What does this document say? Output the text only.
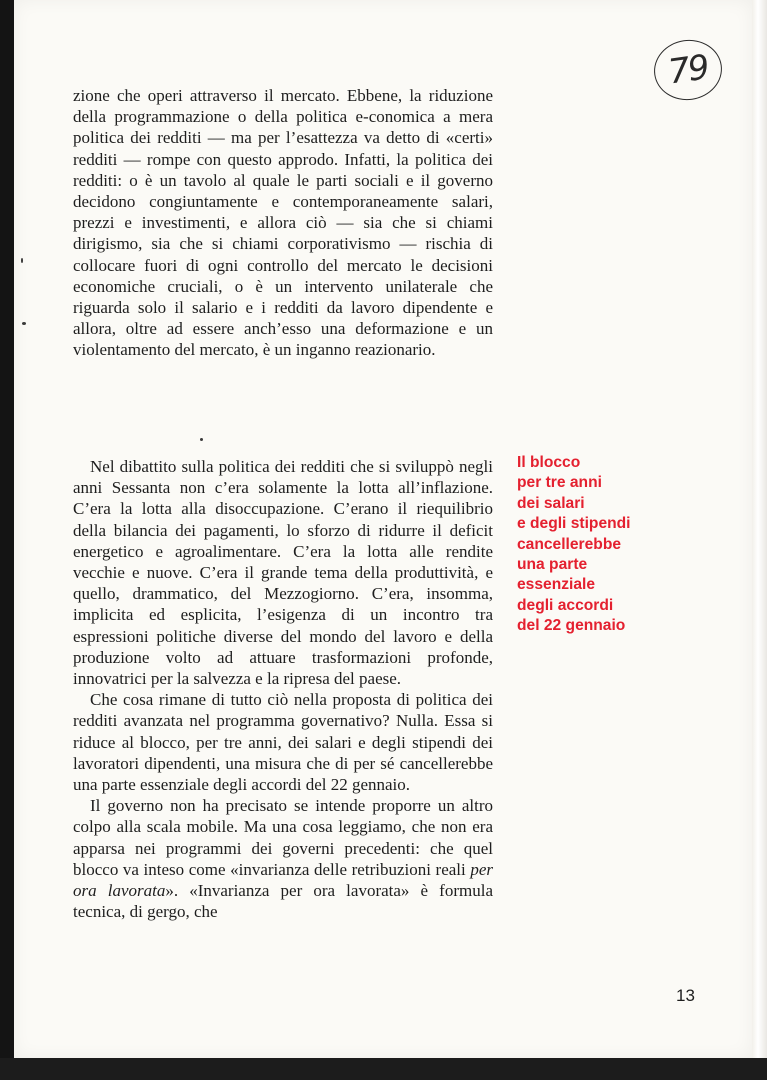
79

zione che operi attraverso il mercato. Ebbene, la riduzione della programmazione o della politica e-conomica a mera politica dei redditi — ma per l’esattezza va detto di «certi» redditi — rompe con questo approdo. Infatti, la politica dei redditi: o è un tavolo al quale le parti sociali e il governo decidono congiuntamente e contemporaneamente salari, prezzi e investimenti, e allora ciò — sia che si chiami dirigismo, sia che si chiami corporativismo — rischia di collocare fuori di ogni controllo del mercato le decisioni economiche cruciali, o è un intervento unilaterale che riguarda solo il salario e i redditi da lavoro dipendente e allora, oltre ad essere anch’esso una deformazione e un violentamento del mercato, è un inganno reazionario.

Nel dibattito sulla politica dei redditi che si sviluppò negli anni Sessanta non c’era solamente la lotta all’inflazione. C’era la lotta alla disoccupazione. C’erano il riequilibrio della bilancia dei pagamenti, lo sforzo di ridurre il deficit energetico e agroalimentare. C’era la lotta alle rendite vecchie e nuove. C’era il grande tema della produttività, e quello, drammatico, del Mezzogiorno. C’era, insomma, implicita ed esplicita, l’esigenza di un incontro tra espressioni politiche diverse del mondo del lavoro e della produzione volto ad attuare trasformazioni profonde, innovatrici per la salvezza e la ripresa del paese.

Che cosa rimane di tutto ciò nella proposta di politica dei redditi avanzata nel programma governativo? Nulla. Essa si riduce al blocco, per tre anni, dei salari e degli stipendi dei lavoratori dipendenti, una misura che di per sé cancellerebbe una parte essenziale degli accordi del 22 gennaio.

Il governo non ha precisato se intende proporre un altro colpo alla scala mobile. Ma una cosa leggiamo, che non era apparsa nei programmi dei governi precedenti: che quel blocco va inteso come «invarianza delle retribuzioni reali per ora lavorata». «Invarianza per ora lavorata» è formula tecnica, di gergo, che

Il blocco
per tre anni
dei salari
e degli stipendi
cancellerebbe
una parte
essenziale
degli accordi
del 22 gennaio
13
